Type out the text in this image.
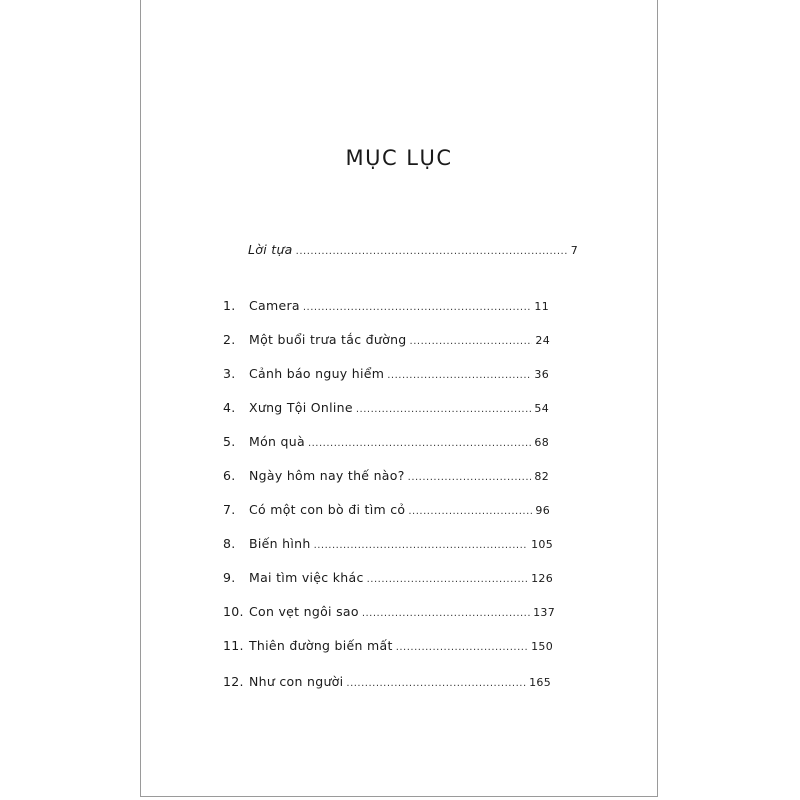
MỤC LỤC
Lời tựa .....	7
1. Camera .....	11
2. Một buổi trưa tắc đường .....	24
3. Cảnh báo nguy hiểm .....	36
4. Xưng Tội Online .....	54
5. Món quà .....	68
6. Ngày hôm nay thế nào? .....	82
7. Có một con bò đi tìm cỏ .....	96
8. Biến hình .....	105
9. Mai tìm việc khác .....	126
10. Con vẹt ngôi sao .....	137
11. Thiên đường biến mất .....	150
12. Như con người .....	165
